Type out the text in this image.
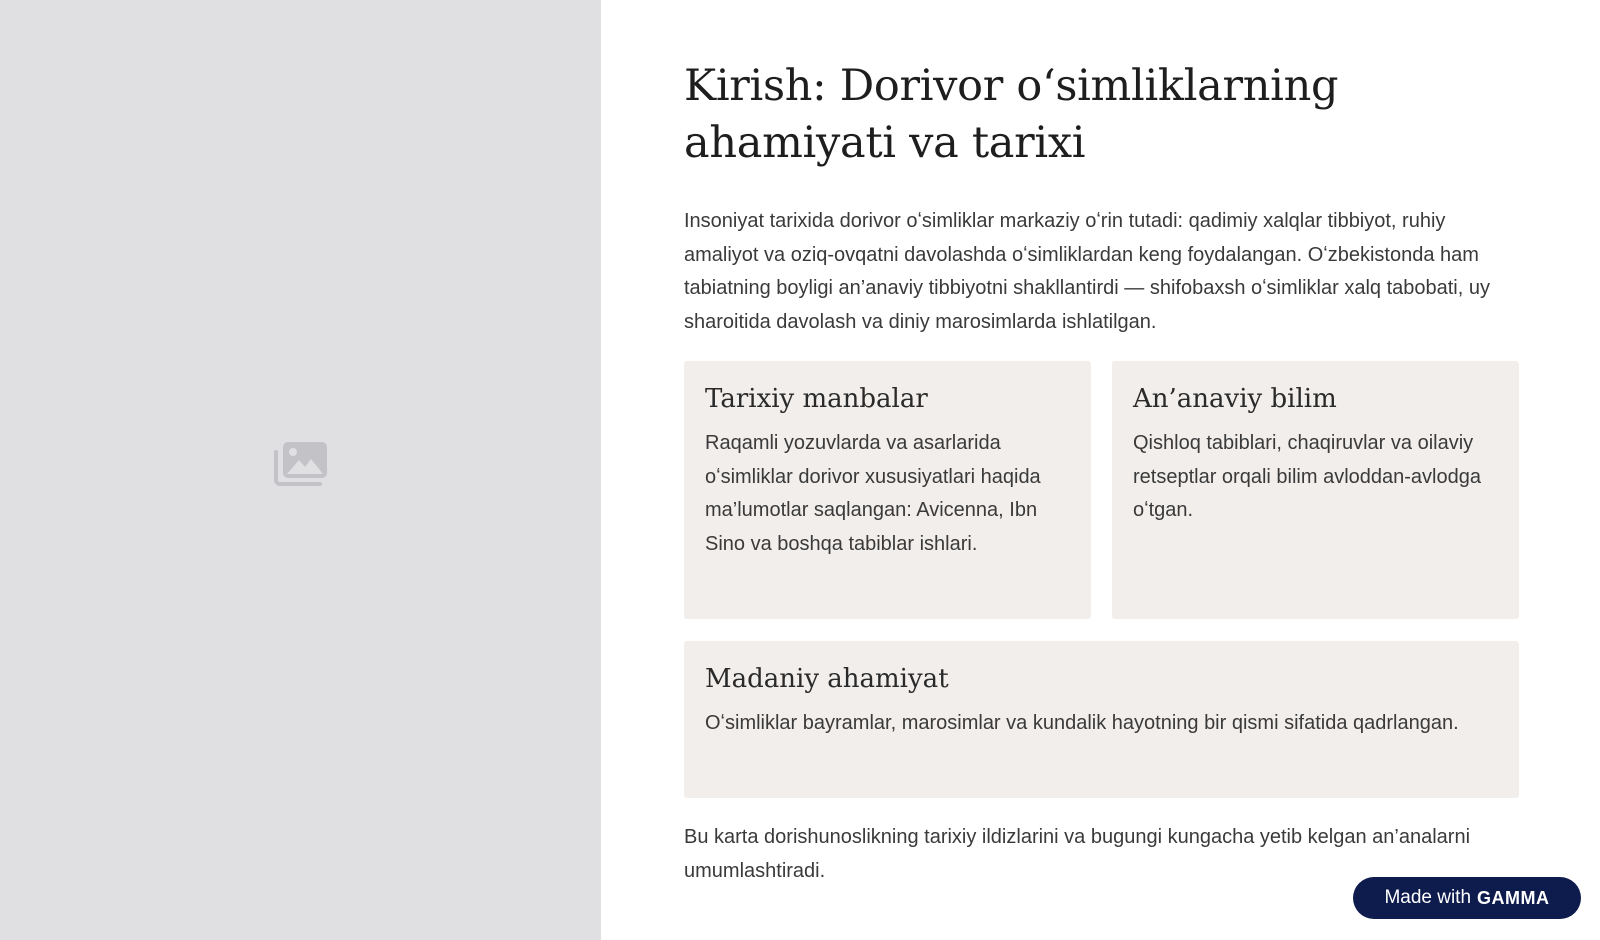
Kirish: Dorivor oʻsimliklarning ahamiyati va tarixi

Insoniyat tarixida dorivor oʻsimliklar markaziy oʻrin tutadi: qadimiy xalqlar tibbiyot, ruhiy amaliyot va oziq-ovqatni davolashda oʻsimliklardan keng foydalangan. Oʻzbekistonda ham tabiatning boyligi an’anaviy tibbiyotni shakllantirdi — shifobaxsh oʻsimliklar xalq tabobati, uy sharoitida davolash va diniy marosimlarda ishlatilgan.

Tarixiy manbalar

Raqamli yozuvlarda va asarlarida oʻsimliklar dorivor xususiyatlari haqida ma’lumotlar saqlangan: Avicenna, Ibn Sino va boshqa tabiblar ishlari.

An’anaviy bilim

Qishloq tabiblari, chaqiruvlar va oilaviy retseptlar orqali bilim avloddan-avlodga oʻtgan.

Madaniy ahamiyat

Oʻsimliklar bayramlar, marosimlar va kundalik hayotning bir qismi sifatida qadrlangan.

Bu karta dorishunoslikning tarixiy ildizlarini va bugungi kungacha yetib kelgan an’analarni umumlashtiradi.

Made with GAMMA
